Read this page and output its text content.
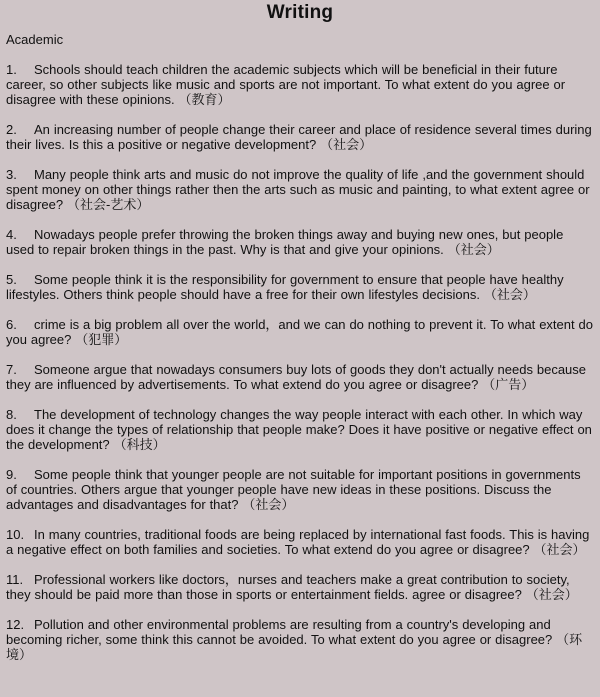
Writing
Academic
1. Schools should teach children the academic subjects which will be beneficial in their future career, so other subjects like music and sports are not important. To what extent do you agree or disagree with these opinions. （教育）
2. An increasing number of people change their career and place of residence several times during their lives. Is this a positive or negative development? （社会）
3. Many people think arts and music do not improve the quality of life ,and the government should spent money on other things rather then the arts such as music and painting, to what extent agree or disagree? （社会-艺术）
4. Nowadays people prefer throwing the broken things away and buying new ones, but people used to repair broken things in the past. Why is that and give your opinions. （社会）
5. Some people think it is the responsibility for government to ensure that people have healthy lifestyles. Others think people should have a free for their own lifestyles decisions. （社会）
6. crime is a big problem all over the world，and we can do nothing to prevent it. To what extent do you agree? （犯罪）
7. Someone argue that nowadays consumers buy lots of goods they don't actually needs because they are influenced by advertisements. To what extend do you agree or disagree? （广告）
8. The development of technology changes the way people interact with each other. In which way does it change the types of relationship that people make? Does it have positive or negative effect on the development? （科技）
9. Some people think that younger people are not suitable for important positions in governments of countries. Others argue that younger people have new ideas in these positions. Discuss the advantages and disadvantages for that? （社会）
10. In many countries, traditional foods are being replaced by international fast foods. This is having a negative effect on both families and societies. To what extend do you agree or disagree? （社会）
11. Professional workers like doctors，nurses and teachers make a great contribution to society, they should be paid more than those in sports or entertainment fields. agree or disagree? （社会）
12. Pollution and other environmental problems are resulting from a country's developing and becoming richer, some think this cannot be avoided. To what extent do you agree or disagree? （环境）
